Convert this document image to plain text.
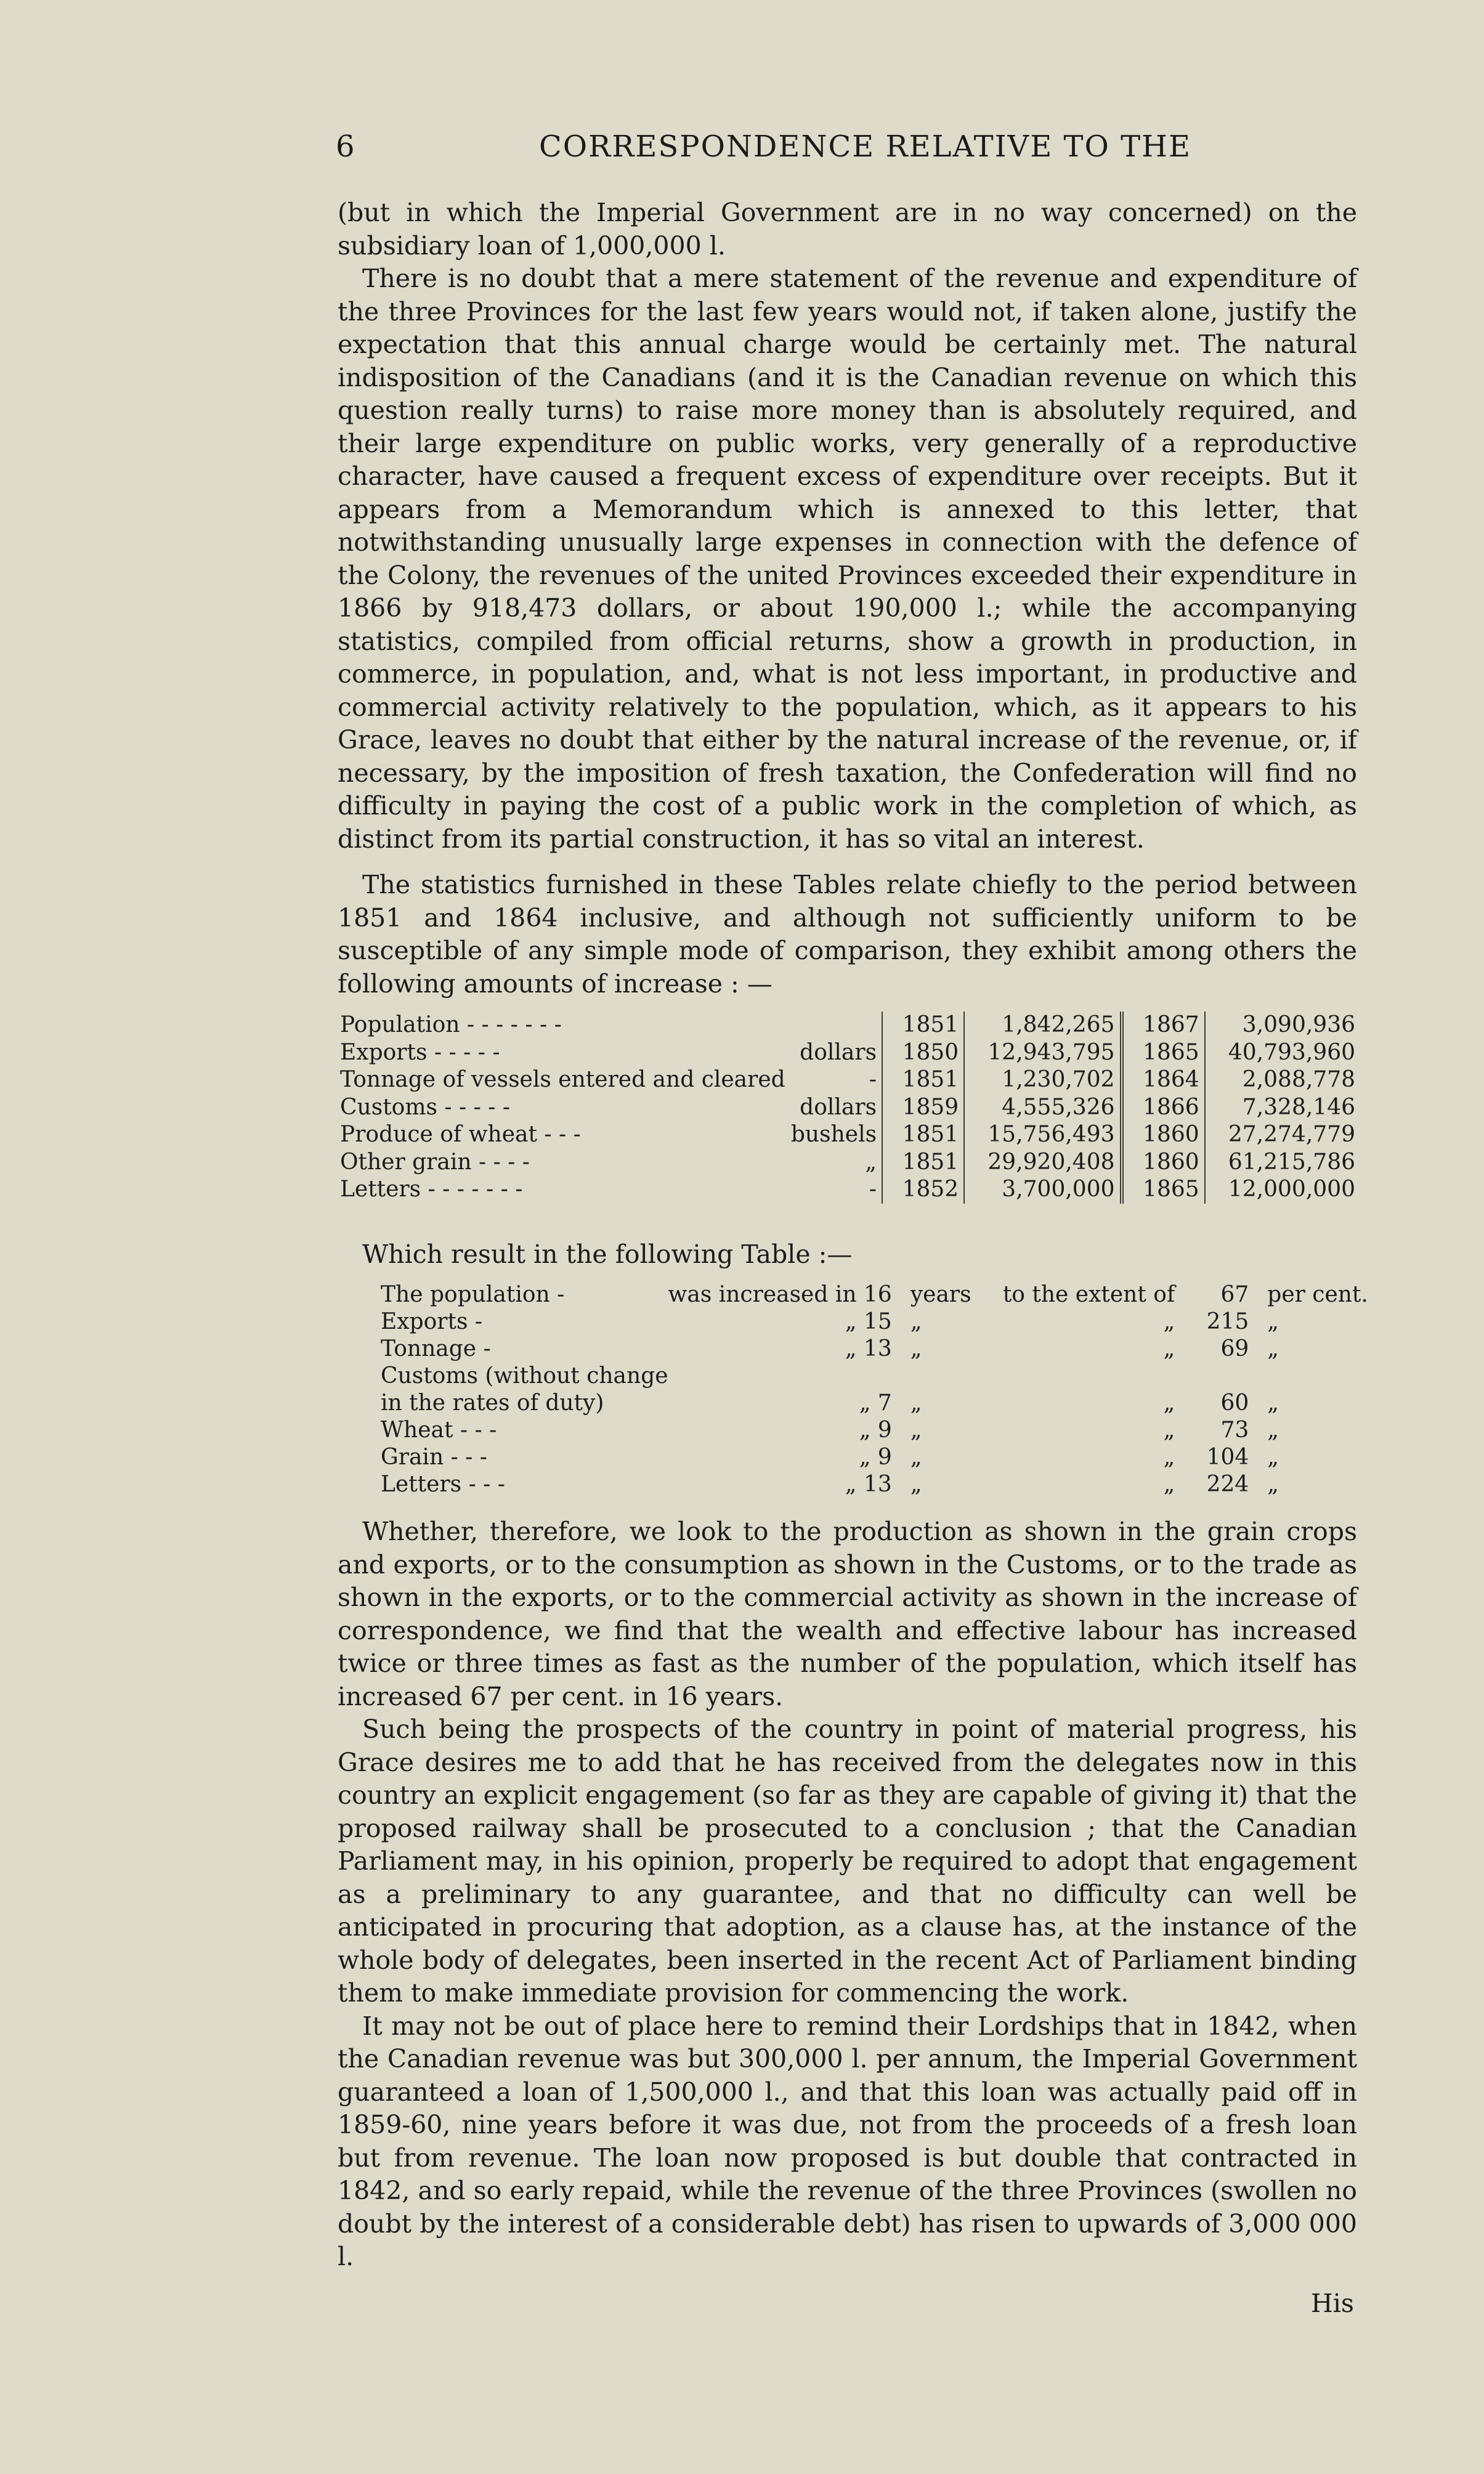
6	CORRESPONDENCE RELATIVE TO THE

(but in which the Imperial Government are in no way concerned) on the subsidiary loan of 1,000,000 l.

There is no doubt that a mere statement of the revenue and expenditure of the three Provinces for the last few years would not, if taken alone, justify the expectation that this annual charge would be certainly met. The natural indisposition of the Canadians (and it is the Canadian revenue on which this question really turns) to raise more money than is absolutely required, and their large expenditure on public works, very generally of a reproductive character, have caused a frequent excess of expenditure over receipts. But it appears from a Memorandum which is annexed to this letter, that notwithstanding unusually large expenses in connection with the defence of the Colony, the revenues of the united Provinces exceeded their expenditure in 1866 by 918,473 dollars, or about 190,000 l.; while the accompanying statistics, compiled from official returns, show a growth in production, in commerce, in population, and, what is not less important, in productive and commercial activity relatively to the population, which, as it appears to his Grace, leaves no doubt that either by the natural increase of the revenue, or, if necessary, by the imposition of fresh taxation, the Confederation will find no difficulty in paying the cost of a public work in the completion of which, as distinct from its partial construction, it has so vital an interest.

The statistics furnished in these Tables relate chiefly to the period between 1851 and 1864 inclusive, and although not sufficiently uniform to be susceptible of any simple mode of comparison, they exhibit among others the following amounts of increase : —

Population - - - - - - -	1851	1,842,265	1867	3,090,936
Exports - - - - - dollars	1850	12,943,795	1865	40,793,960
Tonnage of vessels entered and cleared -	1851	1,230,702	1864	2,088,778
Customs - - - - - dollars	1859	4,555,326	1866	7,328,146
Produce of wheat - - - bushels	1851	15,756,493	1860	27,274,779
Other grain - - - - „	1851	29,920,408	1860	61,215,786
Letters - - - - - - - -	1852	3,700,000	1865	12,000,000
Which result in the following Table :—
The population -	was increased in 16	years	to the extent of	67	per cent.
Exports -	„ 15	„	„	215	„
Tonnage -	„ 13	„	„	69	„
Customs (without change					
in the rates of duty)	„ 7	„	„	60	„
Wheat - - -	„ 9	„	„	73	„
Grain - - -	„ 9	„	„	104	„
Letters - - -	„ 13	„	„	224	„

Whether, therefore, we look to the production as shown in the grain crops and exports, or to the consumption as shown in the Customs, or to the trade as shown in the exports, or to the commercial activity as shown in the increase of correspondence, we find that the wealth and effective labour has increased twice or three times as fast as the number of the population, which itself has increased 67 per cent. in 16 years.

Such being the prospects of the country in point of material progress, his Grace desires me to add that he has received from the delegates now in this country an explicit engagement (so far as they are capable of giving it) that the proposed railway shall be prosecuted to a conclusion ; that the Canadian Parliament may, in his opinion, properly be required to adopt that engagement as a preliminary to any guarantee, and that no difficulty can well be anticipated in procuring that adoption, as a clause has, at the instance of the whole body of delegates, been inserted in the recent Act of Parliament binding them to make immediate provision for commencing the work.

It may not be out of place here to remind their Lordships that in 1842, when the Canadian revenue was but 300,000 l. per annum, the Imperial Government guaranteed a loan of 1,500,000 l., and that this loan was actually paid off in 1859-60, nine years before it was due, not from the proceeds of a fresh loan but from revenue. The loan now proposed is but double that contracted in 1842, and so early repaid, while the revenue of the three Provinces (swollen no doubt by the interest of a considerable debt) has risen to upwards of 3,000 000 l.

His
